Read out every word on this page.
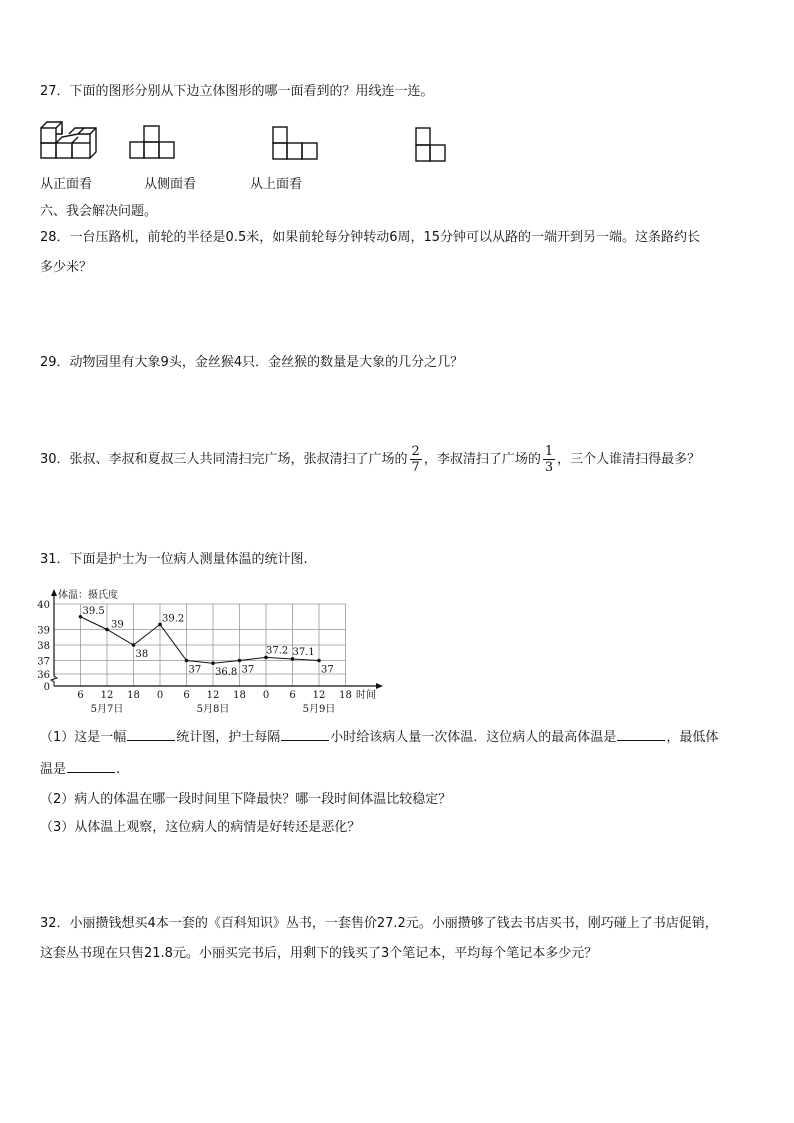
27．下面的图形分别从下边立体图形的哪一面看到的？用线连一连。
从正面看	从侧面看	从上面看
六、我会解决问题。
28．一台压路机，前轮的半径是0.5米，如果前轮每分钟转动6周，15分钟可以从路的一端开到另一端。这条路约长
多少米？
29．动物园里有大象9头，金丝猴4只．金丝猴的数量是大象的几分之几？
30．张叔、李叔和夏叔三人共同清扫完广场，张叔清扫了广场的 $\frac{2}{7}$ ，李叔清扫了广场的 $\frac{1}{3}$ ，三个人谁清扫得最多？
31．下面是护士为一位病人测量体温的统计图.
0
36
37
38
39
40
体温：摄氏度
6 12 18 0 6 12 18 0 6 12 18 时间
5月7日	5月8日	5月9日
39.5
39
38
39.2
37 36.8 37
37.2 37.1
37
（1）这是一幅	统计图，护士每隔	小时给该病人量一次体温．这位病人的最高体温是	，最低体
温是	.
（2）病人的体温在哪一段时间里下降最快？哪一段时间体温比较稳定？
（3）从体温上观察，这位病人的病情是好转还是恶化？
32．小丽攒钱想买4本一套的《百科知识》丛书，一套售价27.2元。小丽攒够了钱去书店买书，刚巧碰上了书店促销，
这套丛书现在只售21.8元。小丽买完书后，用剩下的钱买了3个笔记本，平均每个笔记本多少元？
